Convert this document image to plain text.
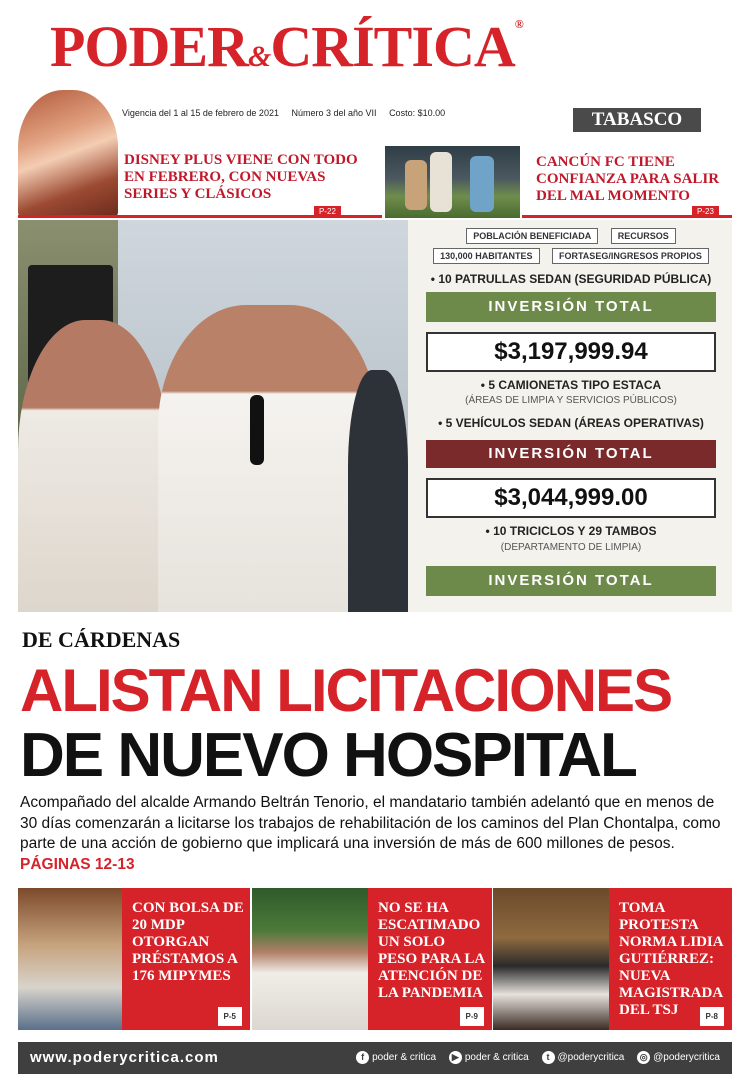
PODER&CRÍTICA®
Vigencia del 1 al 15 de febrero de 2021 Número 3 del año VII Costo: $10.00	TABASCO
DISNEY PLUS VIENE CON TODO EN FEBRERO, CON NUEVAS SERIES Y CLÁSICOS
P-22
CANCÚN FC TIENE CONFIANZA PARA SALIR DEL MAL MOMENTO
P-23
POBLACIÓN BENEFICIADA	RECURSOS
130,000 HABITANTES	FORTASEG/INGRESOS PROPIOS
• 10 PATRULLAS SEDAN (SEGURIDAD PÚBLICA)
INVERSIÓN TOTAL
$3,197,999.94
• 5 CAMIONETAS TIPO ESTACA
(ÁREAS DE LIMPIA Y SERVICIOS PÚBLICOS)
• 5 VEHÍCULOS SEDAN (ÁREAS OPERATIVAS)
INVERSIÓN TOTAL
$3,044,999.00
• 10 TRICICLOS Y 29 TAMBOS
(DEPARTAMENTO DE LIMPIA)
INVERSIÓN TOTAL
DE CÁRDENAS
ALISTAN LICITACIONES
DE NUEVO HOSPITAL
Acompañado del alcalde Armando Beltrán Tenorio, el mandatario también adelantó que en menos de 30 días comenzarán a licitarse los trabajos de rehabilitación de los caminos del Plan Chontalpa, como parte de una acción de gobierno que implicará una inversión de más de 600 millones de pesos. PÁGINAS 12-13
CON BOLSA DE 20 MDP OTORGAN PRÉSTAMOS A 176 MIPYMES
P-5
NO SE HA ESCATIMADO UN SOLO PESO PARA LA ATENCIÓN DE LA PANDEMIA
P-9
TOMA PROTESTA NORMA LIDIA GUTIÉRREZ: NUEVA MAGISTRADA DEL TSJ	P-8
www.poderycritica.com	f poder & critica ▶ poder & critica t @poderycritica ◎ @poderycritica
